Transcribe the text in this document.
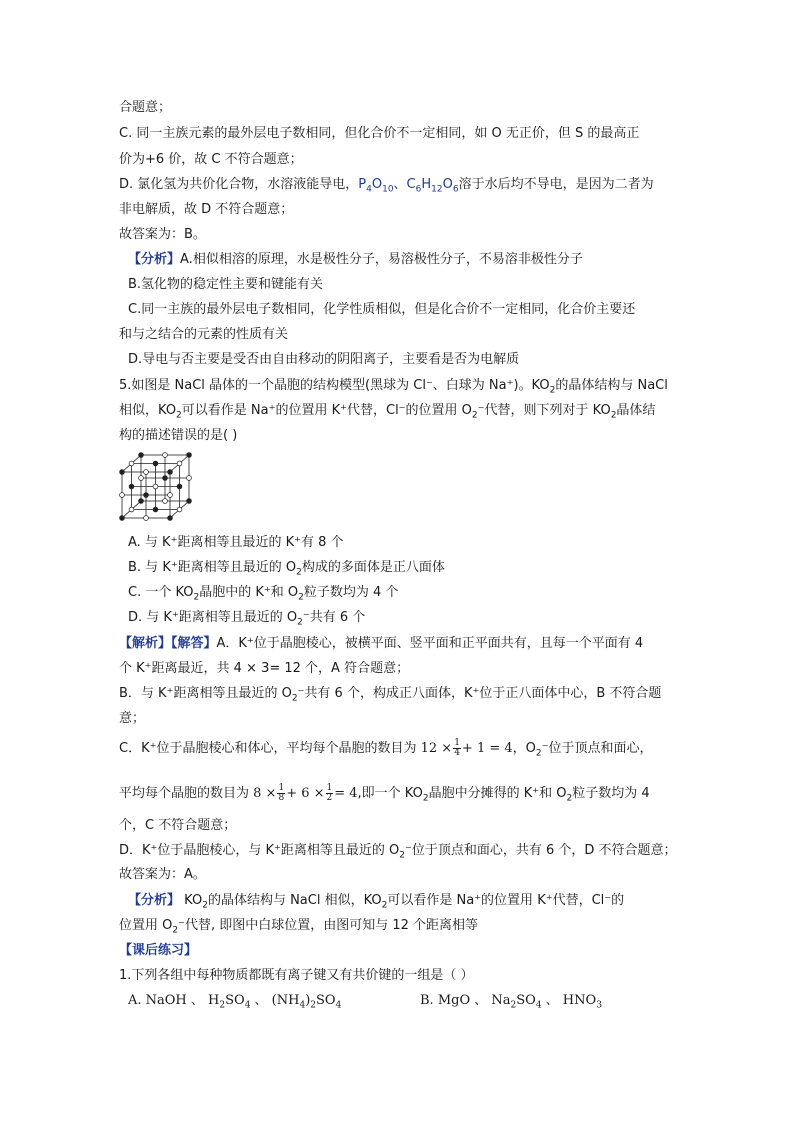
合题意；
C. 同一主族元素的最外层电子数相同，但化合价不一定相同，如 O 无正价，但 S 的最高正
价为+6 价，故 C 不符合题意；
D. 氯化氢为共价化合物，水溶液能导电，$P_4O_{10}$、$C_6H_{12}O_6$溶于水后均不导电，是因为二者为
非电解质，故 D 不符合题意；
故答案为：B。
【分析】A.相似相溶的原理，水是极性分子，易溶极性分子，不易溶非极性分子
B.氢化物的稳定性主要和键能有关
C.同一主族的最外层电子数相同，化学性质相似，但是化合价不一定相同，化合价主要还
和与之结合的元素的性质有关
D.导电与否主要是受否由自由移动的阴阳离子，主要看是否为电解质
5.如图是 NaCl 晶体的一个晶胞的结构模型(黑球为 Cl⁻、白球为 Na⁺)。$KO_2$的晶体结构与 NaCl
相似，$KO_2$可以看作是 Na⁺的位置用 K⁺代替，Cl⁻的位置用 $O_2^-$代替，则下列对于 $KO_2$晶体结
构的描述错误的是( )
A. 与 K⁺距离相等且最近的 K⁺有 8 个
B. 与 K⁺距离相等且最近的 $O_2$构成的多面体是正八面体
C. 一个 $KO_2$晶胞中的 K⁺和 $O_2$粒子数均为 4 个
D. 与 K⁺距离相等且最近的 $O_2^-$共有 6 个
【解析】【解答】A．K⁺位于晶胞棱心，被横平面、竖平面和正平面共有，且每一个平面有 4
个 K⁺距离最近，共 4 × 3= 12 个，A 符合题意；
B．与 K⁺距离相等且最近的 $O_2^-$共有 6 个，构成正八面体，K⁺位于正八面体中心，B 不符合题
意；
C．K⁺位于晶胞棱心和体心，平均每个晶胞的数目为 $12 \times \frac{1}{4} + 1 = 4$，$O_2^-$位于顶点和面心，
平均每个晶胞的数目为 $8 \times \frac{1}{8} + 6 \times \frac{1}{2} = 4$,即一个 $KO_2$晶胞中分摊得的 K⁺和 $O_2$粒子数均为 4
个，C 不符合题意；
D．K⁺位于晶胞棱心，与 K⁺距离相等且最近的 $O_2^-$位于顶点和面心，共有 6 个，D 不符合题意；
故答案为：A。
【分析】 $KO_2$的晶体结构与 NaCl 相似，$KO_2$可以看作是 Na⁺的位置用 K⁺代替，Cl⁻的
位置用 $O_2^-$代替, 即图中白球位置，由图可知与 12 个距离相等
【课后练习】
1.下列各组中每种物质都既有离子键又有共价键的一组是（ ）
A. NaOH 、 $H_2SO_4$ 、 $(NH_4)_2SO_4$	B. MgO 、 $Na_2SO_4$ 、 $HNO_3$
